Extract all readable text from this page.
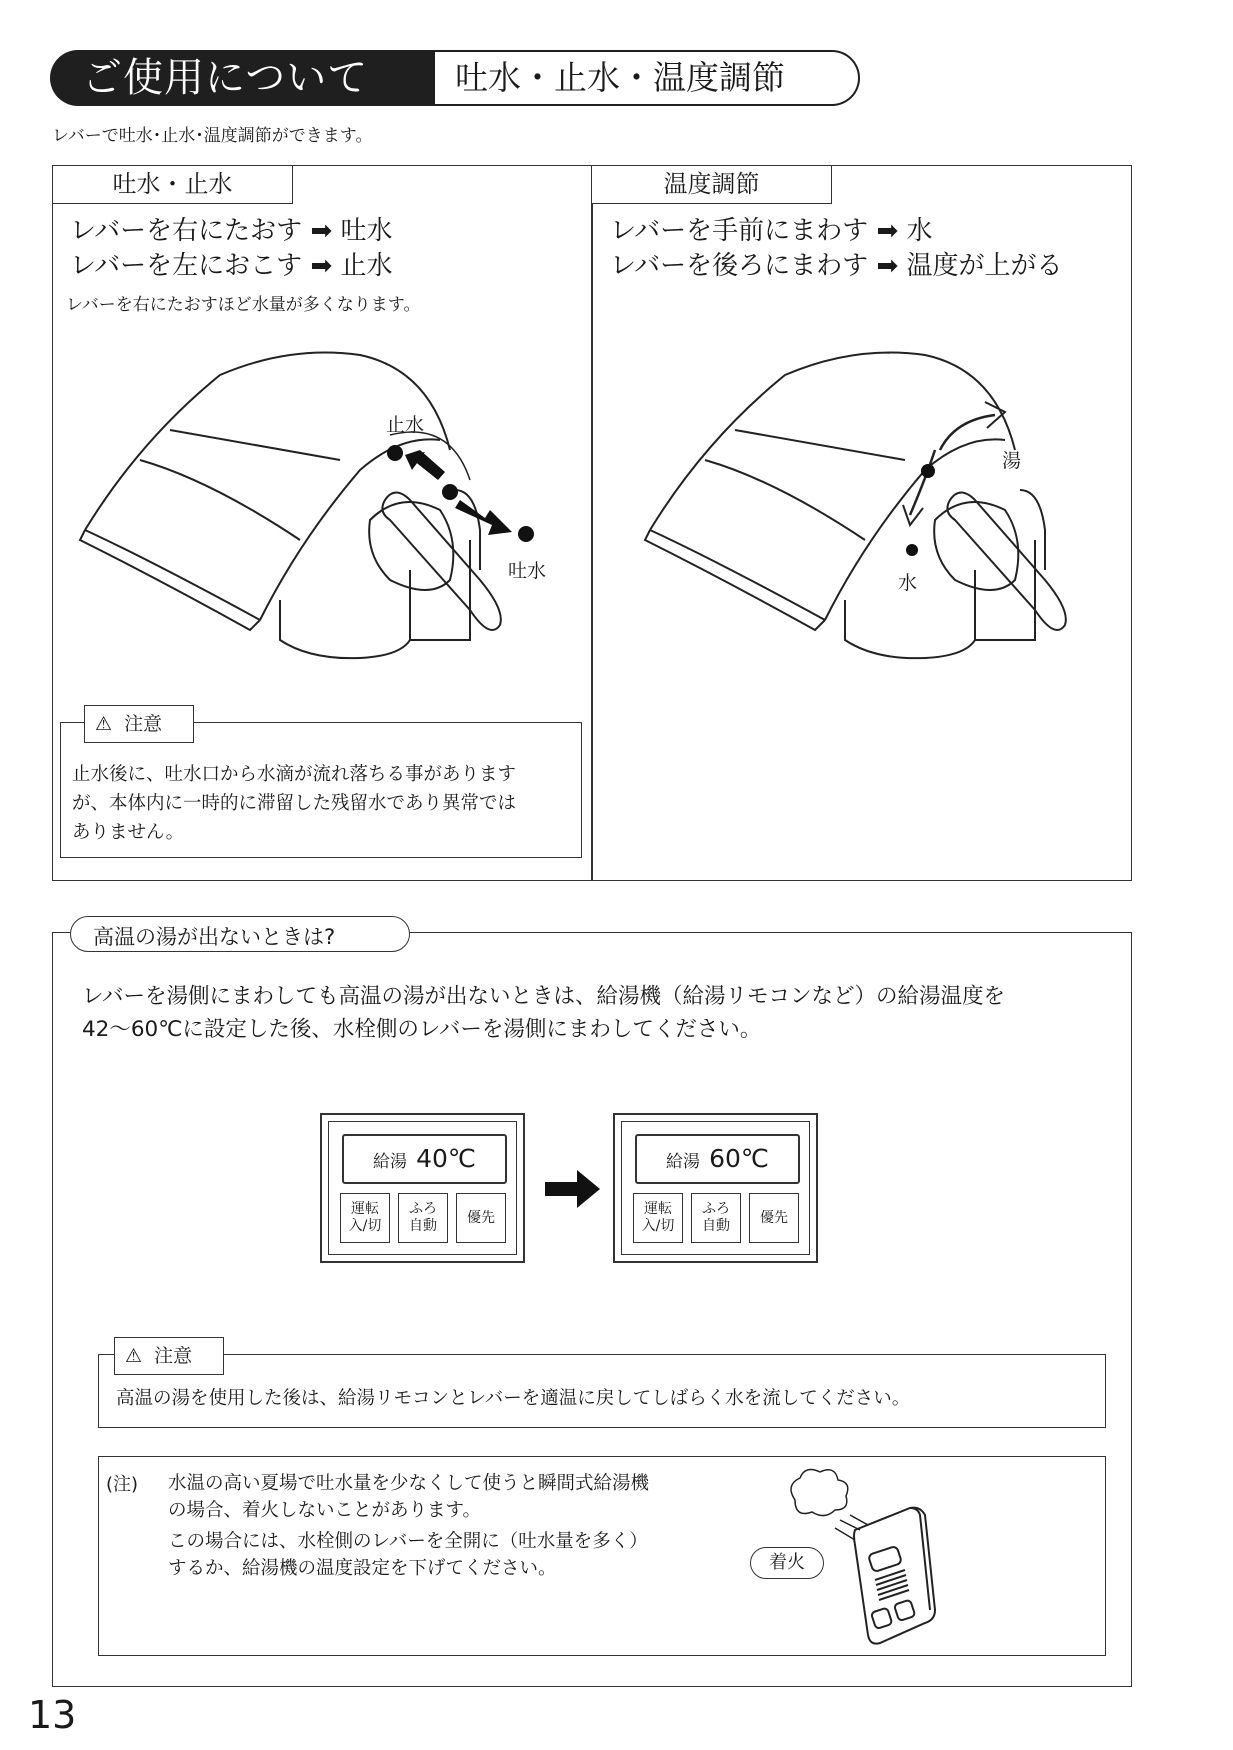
ご使用について	吐水・止水・温度調節
レバーで吐水･止水･温度調節ができます。
吐水・止水
レバーを右にたおす ➡ 吐水
レバーを左におこす ➡ 止水
レバーを右にたおすほど水量が多くなります。
止水
吐水
⚠ 注意
止水後に、吐水口から水滴が流れ落ちる事があります
が、本体内に一時的に滞留した残留水であり異常では
ありません。
温度調節
レバーを手前にまわす ➡ 水
レバーを後ろにまわす ➡ 温度が上がる
湯
水
高温の湯が出ないときは?
レバーを湯側にまわしても高温の湯が出ないときは、給湯機（給湯リモコンなど）の給湯温度を
42〜60℃に設定した後、水栓側のレバーを湯側にまわしてください。
給湯 40℃
運転
入/切
ふろ
自動
優先
給湯 60℃
運転
入/切
ふろ
自動
優先
⚠ 注意
高温の湯を使用した後は、給湯リモコンとレバーを適温に戻してしばらく水を流してください。
(注) 水温の高い夏場で吐水量を少なくして使うと瞬間式給湯機
の場合、着火しないことがあります。
この場合には、水栓側のレバーを全開に（吐水量を多く）
するか、給湯機の温度設定を下げてください。	着火
13
